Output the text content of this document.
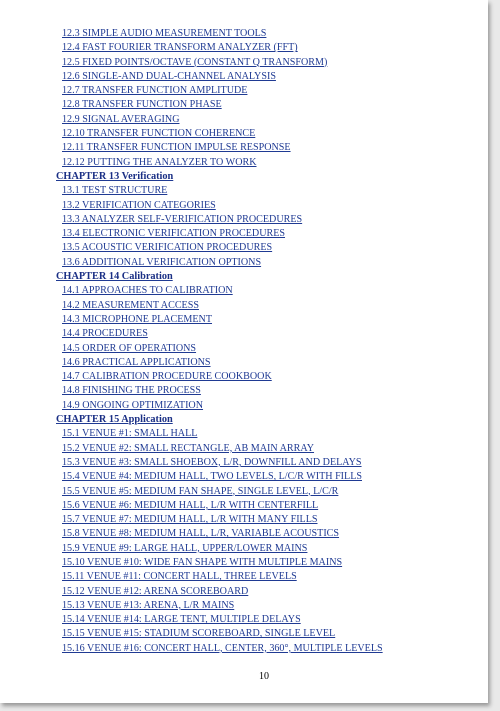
12.3 SIMPLE AUDIO MEASUREMENT TOOLS
12.4 FAST FOURIER TRANSFORM ANALYZER (FFT)
12.5 FIXED POINTS/OCTAVE (CONSTANT Q TRANSFORM)
12.6 SINGLE-AND DUAL-CHANNEL ANALYSIS
12.7 TRANSFER FUNCTION AMPLITUDE
12.8 TRANSFER FUNCTION PHASE
12.9 SIGNAL AVERAGING
12.10 TRANSFER FUNCTION COHERENCE
12.11 TRANSFER FUNCTION IMPULSE RESPONSE
12.12 PUTTING THE ANALYZER TO WORK
CHAPTER 13 Verification
13.1 TEST STRUCTURE
13.2 VERIFICATION CATEGORIES
13.3 ANALYZER SELF-VERIFICATION PROCEDURES
13.4 ELECTRONIC VERIFICATION PROCEDURES
13.5 ACOUSTIC VERIFICATION PROCEDURES
13.6 ADDITIONAL VERIFICATION OPTIONS
CHAPTER 14 Calibration
14.1 APPROACHES TO CALIBRATION
14.2 MEASUREMENT ACCESS
14.3 MICROPHONE PLACEMENT
14.4 PROCEDURES
14.5 ORDER OF OPERATIONS
14.6 PRACTICAL APPLICATIONS
14.7 CALIBRATION PROCEDURE COOKBOOK
14.8 FINISHING THE PROCESS
14.9 ONGOING OPTIMIZATION
CHAPTER 15 Application
15.1 VENUE #1: SMALL HALL
15.2 VENUE #2: SMALL RECTANGLE, AB MAIN ARRAY
15.3 VENUE #3: SMALL SHOEBOX, L/R, DOWNFILL AND DELAYS
15.4 VENUE #4: MEDIUM HALL, TWO LEVELS, L/C/R WITH FILLS
15.5 VENUE #5: MEDIUM FAN SHAPE, SINGLE LEVEL, L/C/R
15.6 VENUE #6: MEDIUM HALL, L/R WITH CENTERFILL
15.7 VENUE #7: MEDIUM HALL, L/R WITH MANY FILLS
15.8 VENUE #8: MEDIUM HALL, L/R, VARIABLE ACOUSTICS
15.9 VENUE #9: LARGE HALL, UPPER/LOWER MAINS
15.10 VENUE #10: WIDE FAN SHAPE WITH MULTIPLE MAINS
15.11 VENUE #11: CONCERT HALL, THREE LEVELS
15.12 VENUE #12: ARENA SCOREBOARD
15.13 VENUE #13: ARENA, L/R MAINS
15.14 VENUE #14: LARGE TENT, MULTIPLE DELAYS
15.15 VENUE #15: STADIUM SCOREBOARD, SINGLE LEVEL
15.16 VENUE #16: CONCERT HALL, CENTER, 360°, MULTIPLE LEVELS
10
